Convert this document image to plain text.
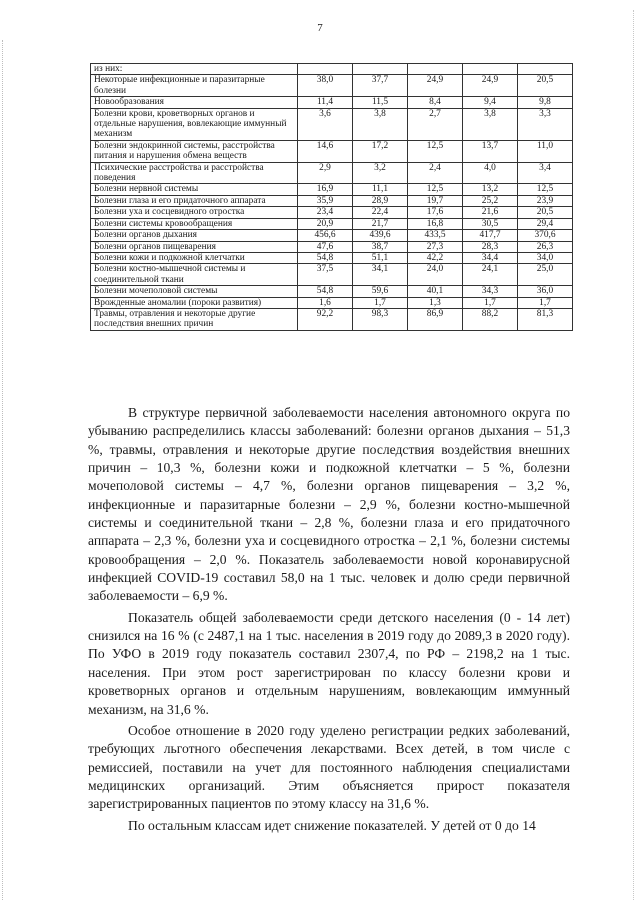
7
из них:					
Некоторые инфекционные и паразитарные болезни	38,0	37,7	24,9	24,9	20,5
Новообразования	11,4	11,5	8,4	9,4	9,8
Болезни крови, кроветворных органов и отдельные нарушения, вовлекающие иммунный механизм	3,6	3,8	2,7	3,8	3,3
Болезни эндокринной системы, расстройства питания и нарушения обмена веществ	14,6	17,2	12,5	13,7	11,0
Психические расстройства и расстройства поведения	2,9	3,2	2,4	4,0	3,4
Болезни нервной системы	16,9	11,1	12,5	13,2	12,5
Болезни глаза и его придаточного аппарата	35,9	28,9	19,7	25,2	23,9
Болезни уха и сосцевидного отростка	23,4	22,4	17,6	21,6	20,5
Болезни системы кровообращения	20,9	21,7	16,8	30,5	29,4
Болезни органов дыхания	456,6	439,6	433,5	417,7	370,6
Болезни органов пищеварения	47,6	38,7	27,3	28,3	26,3
Болезни кожи и подкожной клетчатки	54,8	51,1	42,2	34,4	34,0
Болезни костно-мышечной системы и соединительной ткани	37,5	34,1	24,0	24,1	25,0
Болезни мочеполовой системы	54,8	59,6	40,1	34,3	36,0
Врожденные аномалии (пороки развития)	1,6	1,7	1,3	1,7	1,7
Травмы, отравления и некоторые другие последствия внешних причин	92,2	98,3	86,9	88,2	81,3

В структуре первичной заболеваемости населения автономного округа по убыванию распределились классы заболеваний: болезни органов дыхания – 51,3 %, травмы, отравления и некоторые другие последствия воздействия внешних причин – 10,3 %, болезни кожи и подкожной клетчатки – 5 %, болезни мочеполовой системы – 4,7 %, болезни органов пищеварения – 3,2 %, инфекционные и паразитарные болезни – 2,9 %, болезни костно-мышечной системы и соединительной ткани – 2,8 %, болезни глаза и его придаточного аппарата – 2,3 %, болезни уха и сосцевидного отростка – 2,1 %, болезни системы кровообращения – 2,0 %. Показатель заболеваемости новой коронавирусной инфекцией COVID-19 составил 58,0 на 1 тыс. человек и долю среди первичной заболеваемости – 6,9 %.

Показатель общей заболеваемости среди детского населения (0 - 14 лет) снизился на 16 % (с 2487,1 на 1 тыс. населения в 2019 году до 2089,3 в 2020 году). По УФО в 2019 году показатель составил 2307,4, по РФ – 2198,2 на 1 тыс. населения. При этом рост зарегистрирован по классу болезни крови и кроветворных органов и отдельным нарушениям, вовлекающим иммунный механизм, на 31,6 %.

Особое отношение в 2020 году уделено регистрации редких заболеваний, требующих льготного обеспечения лекарствами. Всех детей, в том числе с ремиссией, поставили на учет для постоянного наблюдения специалистами медицинских организаций. Этим объясняется прирост показателя зарегистрированных пациентов по этому классу на 31,6 %.

По остальным классам идет снижение показателей. У детей от 0 до 14
